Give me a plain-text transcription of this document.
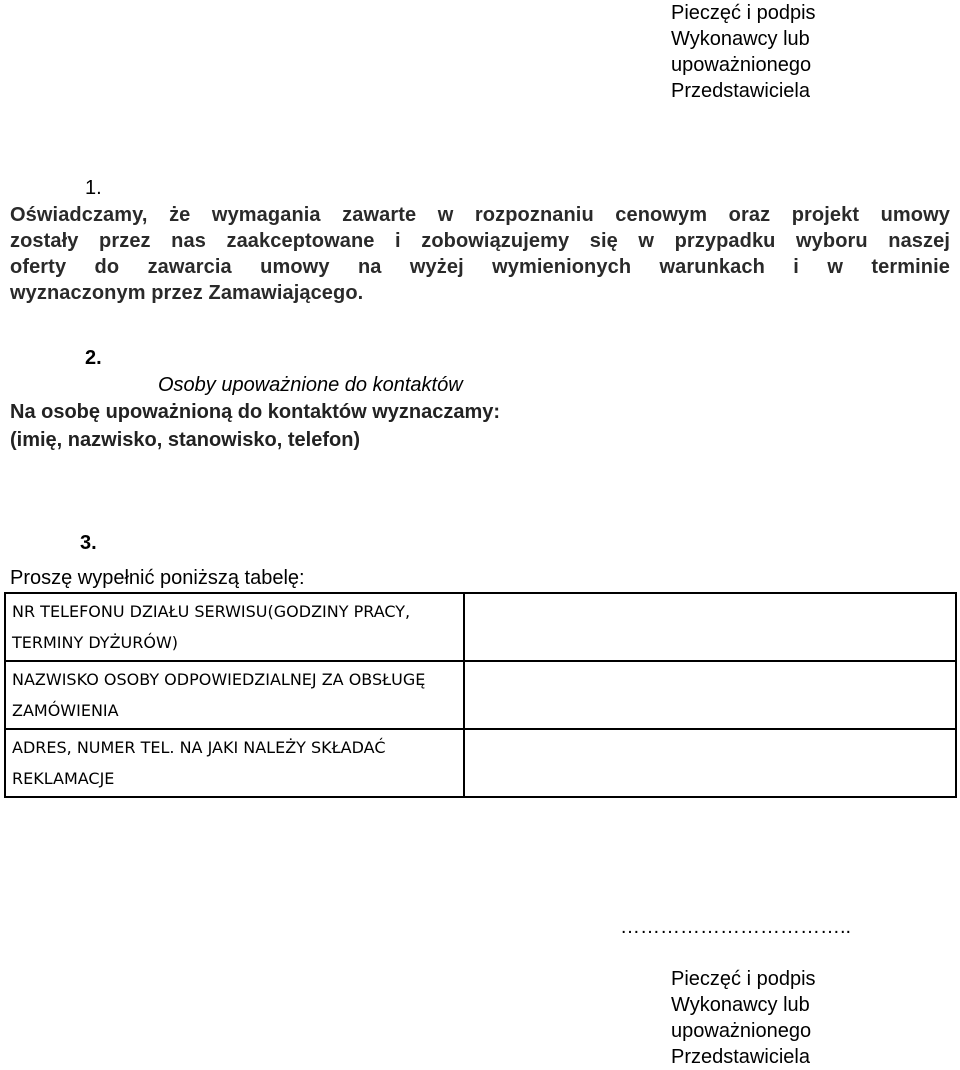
Pieczęć i podpis
Wykonawcy lub
upoważnionego
Przedstawiciela
1.
Oświadczamy, że wymagania zawarte w rozpoznaniu cenowym oraz projekt umowy
zostały przez nas zaakceptowane i zobowiązujemy się w przypadku wyboru naszej
oferty do zawarcia umowy na wyżej wymienionych warunkach i w terminie
wyznaczonym przez Zamawiającego.
2.
Osoby upoważnione do kontaktów
Na osobę upoważnioną do kontaktów wyznaczamy:
(imię, nazwisko, stanowisko, telefon)
3.
Proszę wypełnić poniższą tabelę:
NR TELEFONU DZIAŁU SERWISU(GODZINY PRACY, TERMINY DYŻURÓW)	
NAZWISKO OSOBY ODPOWIEDZIALNEJ ZA OBSŁUGĘ ZAMÓWIENIA	
ADRES, NUMER TEL. NA JAKI NALEŻY SKŁADAĆ REKLAMACJE	
……………………………..
Pieczęć i podpis
Wykonawcy lub
upoważnionego
Przedstawiciela
